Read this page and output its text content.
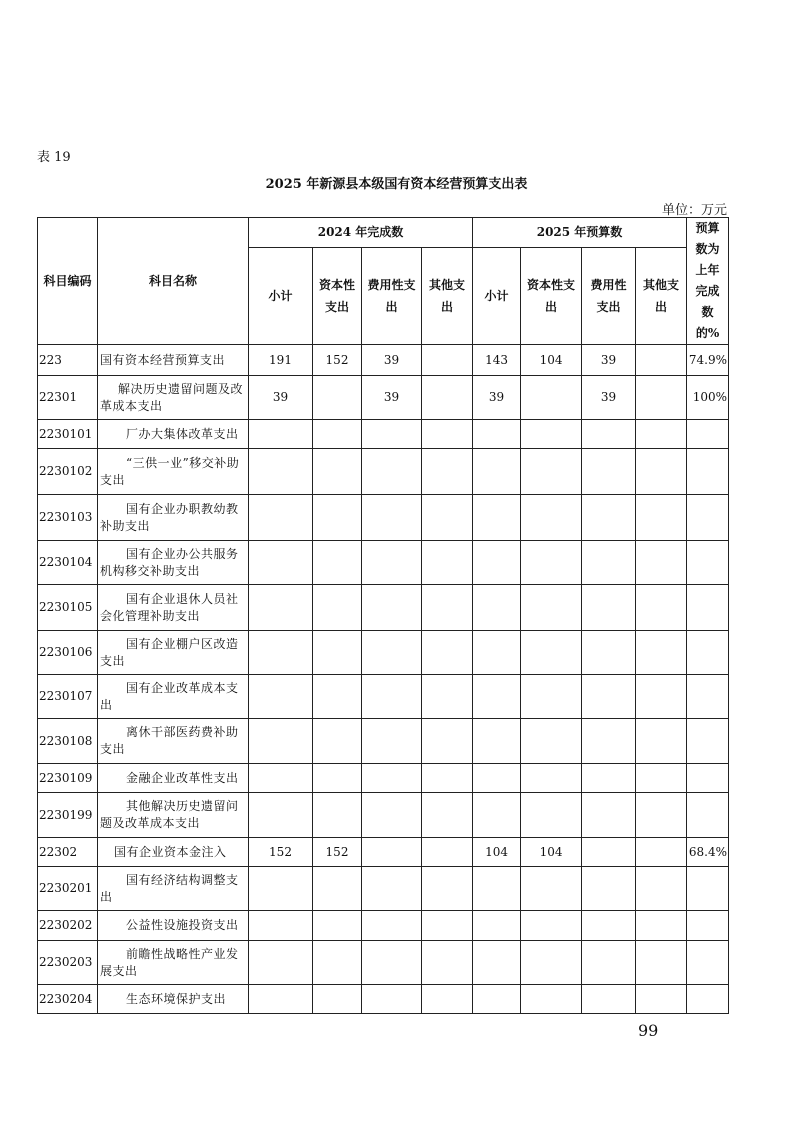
表 19
2025 年新源县本级国有资本经营预算支出表
单位：万元
科目编码	科目名称	2024 年完成数				2025 年预算数				预算数为上年完成数的%

		小计	资本性支出	费用性支出	其他支出	小计	资本性支出	费用性支出	其他支出	

223	国有资本经营预算支出	191	152	39		143	104	39		74.9%
22301	解决历史遗留问题及改革成本支出	39		39		39		39		100%
2230101	厂办大集体改革支出									
2230102	“三供一业”移交补助支出									
2230103	国有企业办职教幼教补助支出									
2230104	国有企业办公共服务机构移交补助支出									
2230105	国有企业退休人员社会化管理补助支出									
2230106	国有企业棚户区改造支出									
2230107	国有企业改革成本支出									
2230108	离休干部医药费补助支出									
2230109	金融企业改革性支出									
2230199	其他解决历史遗留问题及改革成本支出									
22302	国有企业资本金注入	152	152			104	104			68.4%
2230201	国有经济结构调整支出									
2230202	公益性设施投资支出									
2230203	前瞻性战略性产业发展支出									
2230204	生态环境保护支出									
99
